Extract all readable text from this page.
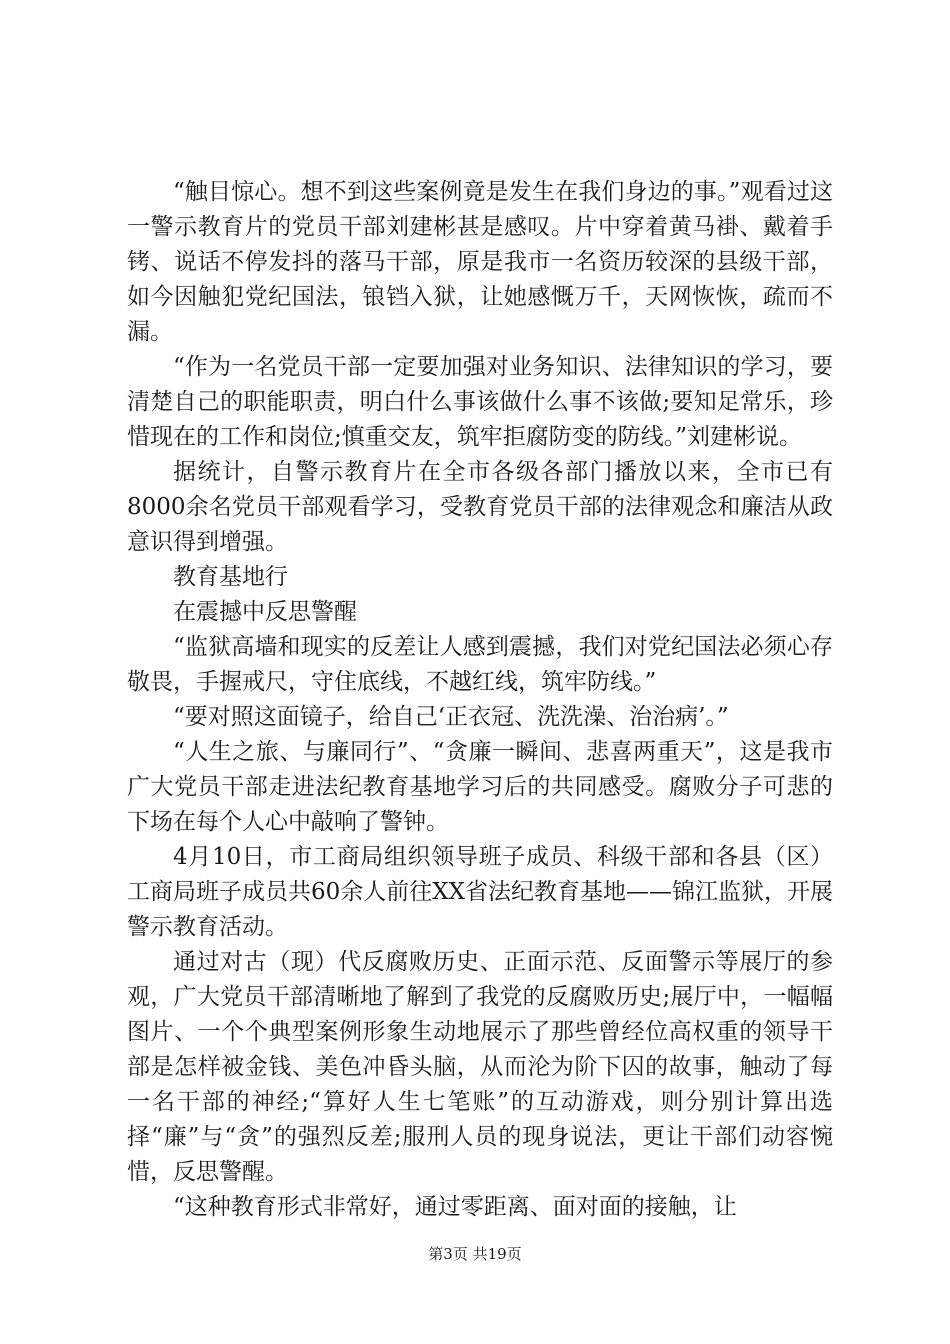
“触目惊心。想不到这些案例竟是发生在我们身边的事。”观看过这一警示教育片的党员干部刘建彬甚是感叹。片中穿着黄马褂、戴着手铐、说话不停发抖的落马干部，原是我市一名资历较深的县级干部，如今因触犯党纪国法，锒铛入狱，让她感慨万千，天网恢恢，疏而不漏。

“作为一名党员干部一定要加强对业务知识、法律知识的学习，要清楚自己的职能职责，明白什么事该做什么事不该做;要知足常乐，珍惜现在的工作和岗位;慎重交友，筑牢拒腐防变的防线。”刘建彬说。

据统计，自警示教育片在全市各级各部门播放以来，全市已有8000余名党员干部观看学习，受教育党员干部的法律观念和廉洁从政意识得到增强。

教育基地行

在震撼中反思警醒

“监狱高墙和现实的反差让人感到震撼，我们对党纪国法必须心存敬畏，手握戒尺，守住底线，不越红线，筑牢防线。”

“要对照这面镜子，给自己‘正衣冠、洗洗澡、治治病’。”

“人生之旅、与廉同行”、“贪廉一瞬间、悲喜两重天”，这是我市广大党员干部走进法纪教育基地学习后的共同感受。腐败分子可悲的下场在每个人心中敲响了警钟。

4月10日，市工商局组织领导班子成员、科级干部和各县（区）工商局班子成员共60余人前往XX省法纪教育基地——锦江监狱，开展警示教育活动。

通过对古（现）代反腐败历史、正面示范、反面警示等展厅的参观，广大党员干部清晰地了解到了我党的反腐败历史;展厅中，一幅幅图片、一个个典型案例形象生动地展示了那些曾经位高权重的领导干部是怎样被金钱、美色冲昏头脑，从而沦为阶下囚的故事，触动了每一名干部的神经;“算好人生七笔账”的互动游戏，则分别计算出选择“廉”与“贪”的强烈反差;服刑人员的现身说法，更让干部们动容惋惜，反思警醒。

“这种教育形式非常好，通过零距离、面对面的接触，让

第3页 共19页
